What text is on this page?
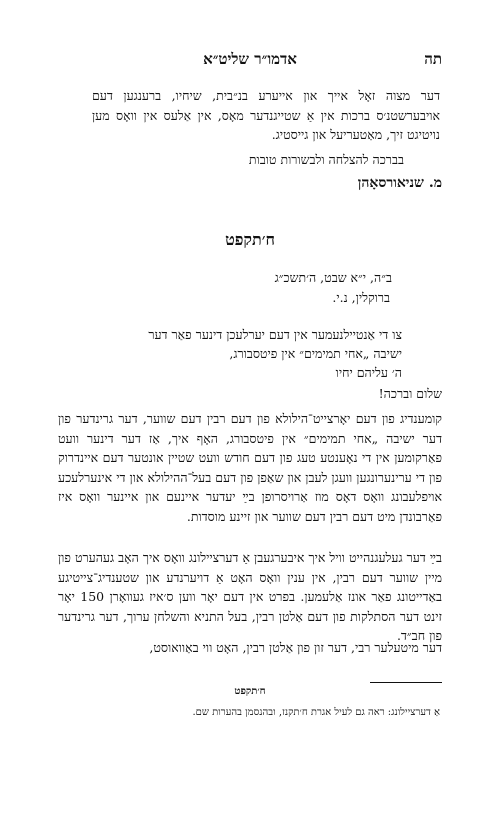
אדמו״ר שליט״א	תה
דער מצוה זאָל אייך און אייערע בנ״בית, שיחיו, ברענגען דעם אויבערשטנ׳ס ברכות אין אַ שטייגנדער מאָס, אין אַלעס אין וואָס מען נויטיגט זיך, מאַטעריעל און גייסטיג.
בברכה להצלחה ולבשורות טובות
מ. שניאורסאָהן
ח׳תקפט
ב״ה, י״א שבט, ה׳תשכ״ג
ברוקלין, נ.י.
צו די אַנטיילנעמער אין דעם יערלעכן דינער פאַר דער
ישיבה „אחי תמימים״ אין פיטסבורג,
ה׳ עליהם יחיו
שלום וברכה!
קומענדיג פון דעם יאָרצייט־הילולא פון דעם רבין דעם שווער, דער גרינדער פון דער ישיבה „אחי תמימים״ אין פיטסבורג, האָף איך, אַז דער דינער וועט פאַרקומען אין די נאָענטע טעג פון דעם חודש וועט שטיין אונטער דעם איינדרוק פון די ערינערונגען וועגן לעבן און שאַפן פון דעם בעל־ההילולא און די אינערלעכע אויפלעבונג וואָס דאָס מוז אַרויסרופן בײַ יעדער איינעם און איינער וואָס איז פאַרבונדן מיט דעם רבין דעם שווער און זיינע מוסדות.
בײַ דער געלעגנהייט וויל איך איבערגעבן אַ דערציילונג וואָס איך האָב געהערט פון מיין שווער דעם רבין, אין ענין וואָס האָט אַ דויערנדע און שטענדיג־צייטיגע באַדייטונג פאַר אונז אַלעמען. בפרט אין דעם יאָר ווען ס׳איז געוואָרן 150 יאָר זינט דער הסתלקות פון דעם אַלטן רבין, בעל התניא והשלחן ערוך, דער גרינדער פון חב״ד.
דער מיטעלער רבי, דער זון פון אַלטן רבין, האָט ווי באַוואוסט,
ח׳תקפט
אַ דערציילונג: ראה גם לעיל אגרת ח׳תקנז, ובהנסמן בהערות שם.
